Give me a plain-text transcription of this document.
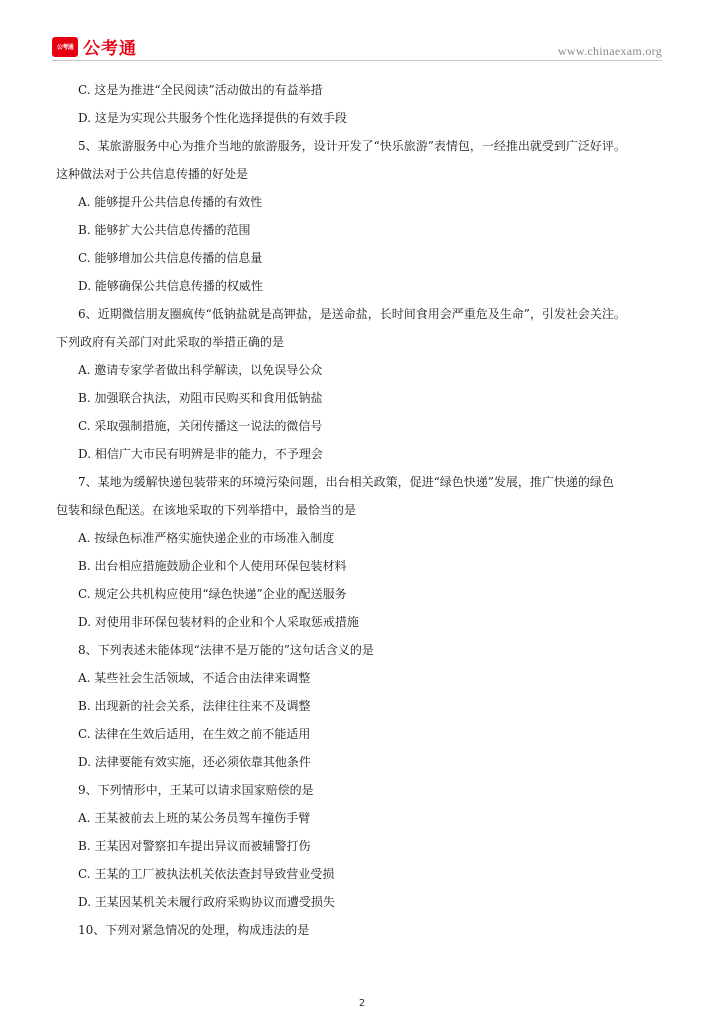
公考通 公考通	www.chinaexam.org
C. 这是为推进“全民阅读”活动做出的有益举措
D. 这是为实现公共服务个性化选择提供的有效手段
5、某旅游服务中心为推介当地的旅游服务，设计开发了“快乐旅游”表情包，一经推出就受到广泛好评。
这种做法对于公共信息传播的好处是
A. 能够提升公共信息传播的有效性
B. 能够扩大公共信息传播的范围
C. 能够增加公共信息传播的信息量
D. 能够确保公共信息传播的权威性
6、近期微信朋友圈疯传“低钠盐就是高钾盐，是送命盐，长时间食用会严重危及生命”，引发社会关注。
下列政府有关部门对此采取的举措正确的是
A. 邀请专家学者做出科学解读，以免误导公众
B. 加强联合执法，劝阻市民购买和食用低钠盐
C. 采取强制措施，关闭传播这一说法的微信号
D. 相信广大市民有明辨是非的能力，不予理会
7、某地为缓解快递包装带来的环境污染问题，出台相关政策，促进“绿色快递”发展，推广快递的绿色
包装和绿色配送。在该地采取的下列举措中，最恰当的是
A. 按绿色标准严格实施快递企业的市场准入制度
B. 出台相应措施鼓励企业和个人使用环保包装材料
C. 规定公共机构应使用“绿色快递”企业的配送服务
D. 对使用非环保包装材料的企业和个人采取惩戒措施
8、下列表述未能体现“法律不是万能的”这句话含义的是
A. 某些社会生活领域，不适合由法律来调整
B. 出现新的社会关系，法律往往来不及调整
C. 法律在生效后适用，在生效之前不能适用
D. 法律要能有效实施，还必须依靠其他条件
9、下列情形中，王某可以请求国家赔偿的是
A. 王某被前去上班的某公务员驾车撞伤手臂
B. 王某因对警察扣车提出异议而被辅警打伤
C. 王某的工厂被执法机关依法查封导致营业受损
D. 王某因某机关未履行政府采购协议而遭受损失
10、下列对紧急情况的处理，构成违法的是
2
